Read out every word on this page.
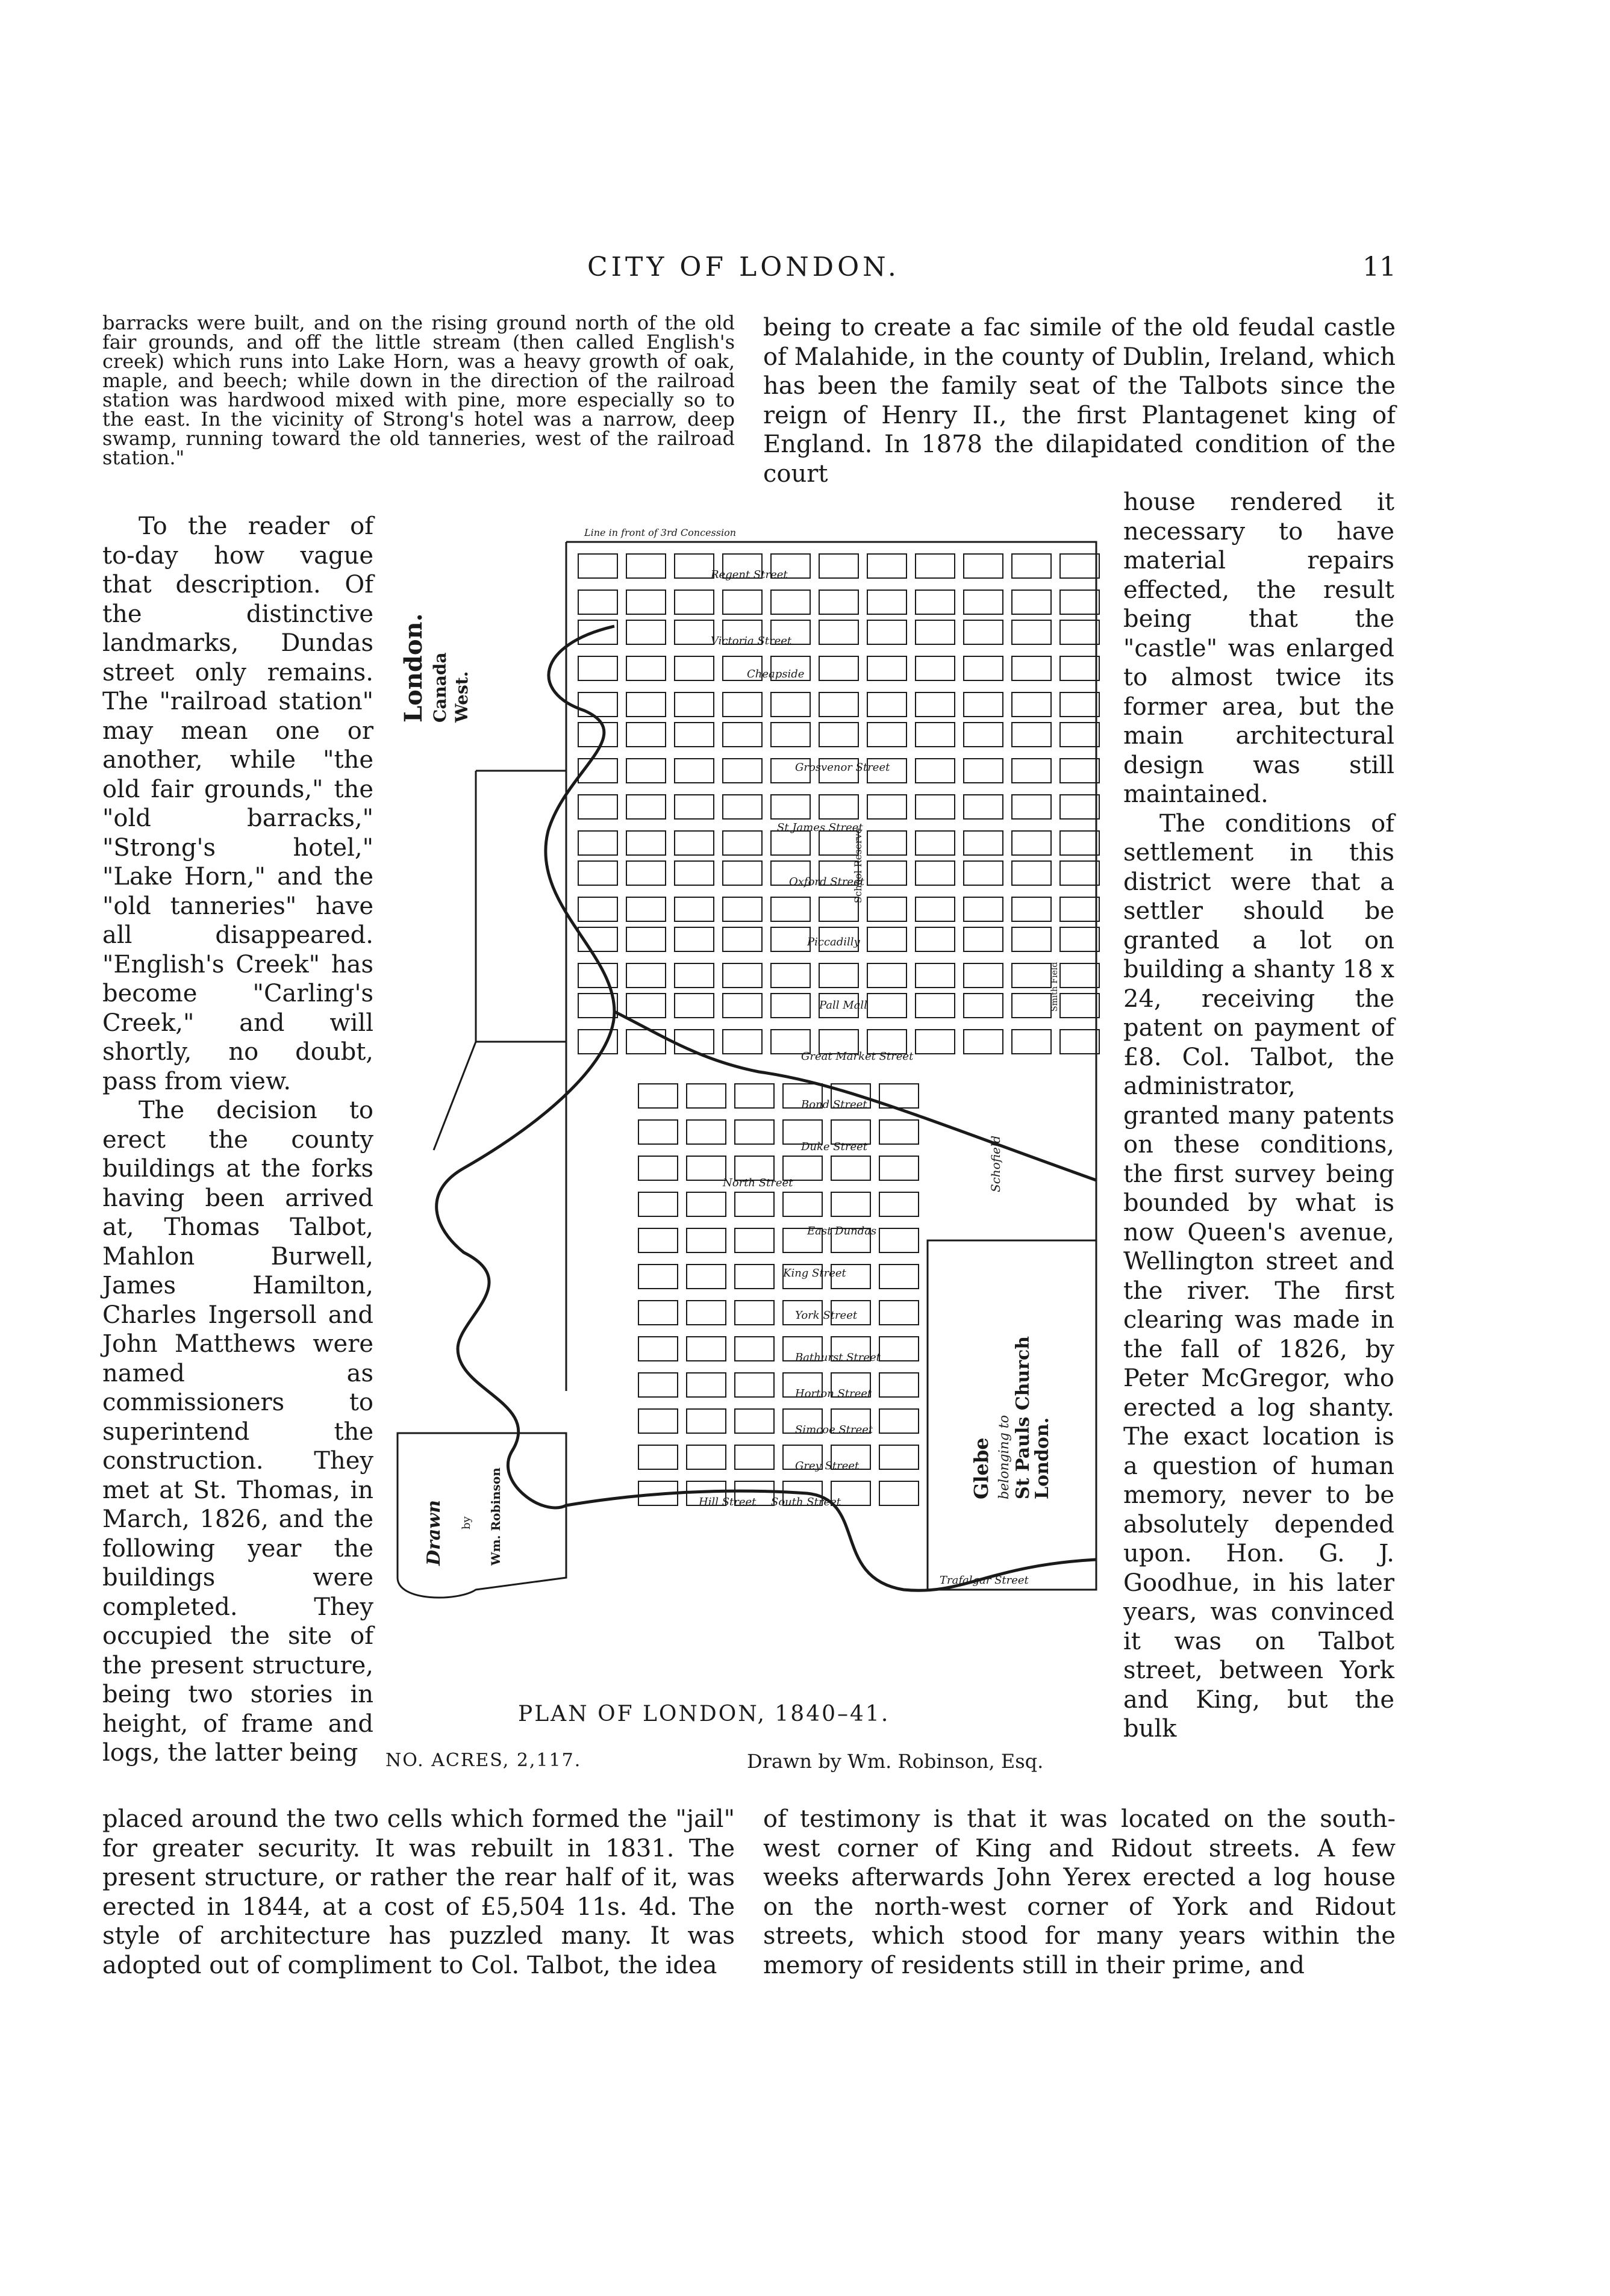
CITY OF LONDON.	11

barracks were built, and on the rising ground north of the old fair grounds, and off the little stream (then called English's creek) which runs into Lake Horn, was a heavy growth of oak, maple, and beech; while down in the direction of the railroad station was hardwood mixed with pine, more especially so to the east. In the vicinity of Strong's hotel was a narrow, deep swamp, running toward the old tanneries, west of the railroad station."

To the reader of to-day how vague that description. Of the distinctive landmarks, Dundas street only remains. The "railroad station" may mean one or another, while "the old fair grounds," the "old barracks," "Strong's hotel," "Lake Horn," and the "old tanneries" have all disappeared. "English's Creek" has become "Carling's Creek," and will shortly, no doubt, pass from view.

The decision to erect the county buildings at the forks having been arrived at, Thomas Talbot, Mahlon Burwell, James Hamilton, Charles Ingersoll and John Matthews were named as commissioners to superintend the construction. They met at St. Thomas, in March, 1826, and the following year the buildings were completed. They occupied the site of the present structure, being two stories in height, of frame and logs, the latter being

being to create a fac simile of the old feudal castle of Malahide, in the county of Dublin, Ireland, which has been the family seat of the Talbots since the reign of Henry II., the first Plantagenet king of England. In 1878 the dilapidated condition of the court

house rendered it necessary to have material repairs effected, the result being that the "castle" was enlarged to almost twice its former area, but the main architectural design was still maintained.

The conditions of settlement in this district were that a settler should be granted a lot on building a shanty 18 x 24, receiving the patent on payment of £8. Col. Talbot, the administrator, granted many patents on these conditions, the first survey being bounded by what is now Queen's avenue, Wellington street and the river. The first clearing was made in the fall of 1826, by Peter McGregor, who erected a log shanty. The exact location is a question of human memory, never to be absolutely depended upon. Hon. G. J. Goodhue, in his later years, was convinced it was on Talbot street, between York and King, but the bulk

Line in front of 3rd Concession
London. Canada West.
Glebe belonging to St Pauls Church
London.
Drawn by Wm. Robinson
Regent Street
Victoria Street
Cheapside
Grosvenor Street
St James Street
Oxford Street
Piccadilly
Pall Mall
Great Market Street
Bond Street
Duke Street
North Street
East Dundas
King Street
York Street
Bathurst Street
Horton Street
Simcoe Street
Grey Street
Hill Street South Street
Trafalgar Street
School Reserve
Schofield
Smith Field
PLAN OF LONDON, 1840–41.
NO. ACRES, 2,117.	Drawn by Wm. Robinson, Esq.

placed around the two cells which formed the "jail" for greater security. It was rebuilt in 1831. The present structure, or rather the rear half of it, was erected in 1844, at a cost of £5,504 11s. 4d. The style of architecture has puzzled many. It was adopted out of compliment to Col. Talbot, the idea

of testimony is that it was located on the south-west corner of King and Ridout streets. A few weeks afterwards John Yerex erected a log house on the north-west corner of York and Ridout streets, which stood for many years within the memory of residents still in their prime, and
